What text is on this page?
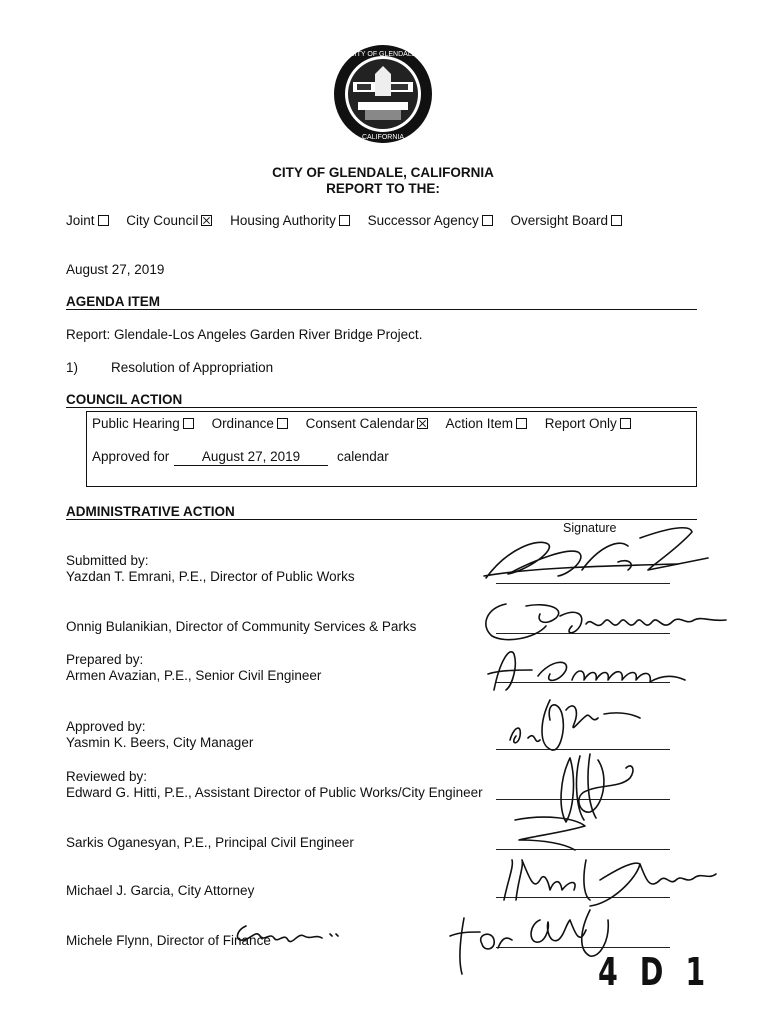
CITY OF GLENDALE
CALIFORNIA
CITY OF GLENDALE, CALIFORNIA
REPORT TO THE:
Joint City Council Housing Authority Successor Agency Oversight Board
August 27, 2019
AGENDA ITEM
Report: Glendale-Los Angeles Garden River Bridge Project.
1) Resolution of Appropriation
COUNCIL ACTION
Public Hearing Ordinance Consent Calendar Action Item Report Only
Approved for	August 27, 2019	calendar
ADMINISTRATIVE ACTION
Signature
Submitted by:
Yazdan T. Emrani, P.E., Director of Public Works
Onnig Bulanikian, Director of Community Services & Parks
Prepared by:
Armen Avazian, P.E., Senior Civil Engineer
Approved by:
Yasmin K. Beers, City Manager
Reviewed by:
Edward G. Hitti, P.E., Assistant Director of Public Works/City Engineer
Sarkis Oganesyan, P.E., Principal Civil Engineer
Michael J. Garcia, City Attorney
Michele Flynn, Director of Finance
4 D 1
